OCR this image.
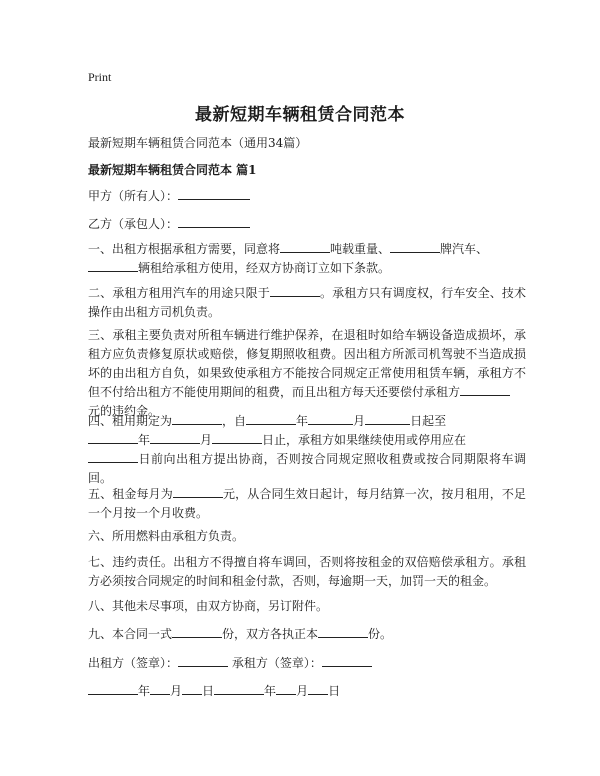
Print
最新短期车辆租赁合同范本
最新短期车辆租赁合同范本（通用34篇）
最新短期车辆租赁合同范本 篇1
甲方（所有人）：
乙方（承包人）：
一、出租方根据承租方需要，同意将	吨载重量、	牌汽车、
辆租给承租方使用，经双方协商订立如下条款。
二、承租方租用汽车的用途只限于	。承租方只有调度权，行车安全、技术操作由出租方司机负责。
三、承租主要负责对所租车辆进行维护保养，在退租时如给车辆设备造成损坏，承租方应负责修复原状或赔偿，修复期照收租费。因出租方所派司机驾驶不当造成损坏的由出租方自负，如果致使承租方不能按合同规定正常使用租赁车辆，承租方不但不付给出租方不能使用期间的租费，而且出租方每天还要偿付承租方
元的违约金。
四、租用期定为	，自	年	月	日起至
年	月	日止，承租方如果继续使用或停用应在
日前向出租方提出协商，否则按合同规定照收租费或按合同期限将车调回。
五、租金每月为	元，从合同生效日起计，每月结算一次，按月租用，不足一个月按一个月收费。
六、所用燃料由承租方负责。
七、违约责任。出租方不得擅自将车调回，否则将按租金的双倍赔偿承租方。承租方必须按合同规定的时间和租金付款，否则，每逾期一天，加罚一天的租金。
八、其他未尽事项，由双方协商，另订附件。
九、本合同一式	份，双方各执正本	份。
出租方（签章）：	承租方（签章）：
年 月 日	年 月 日
